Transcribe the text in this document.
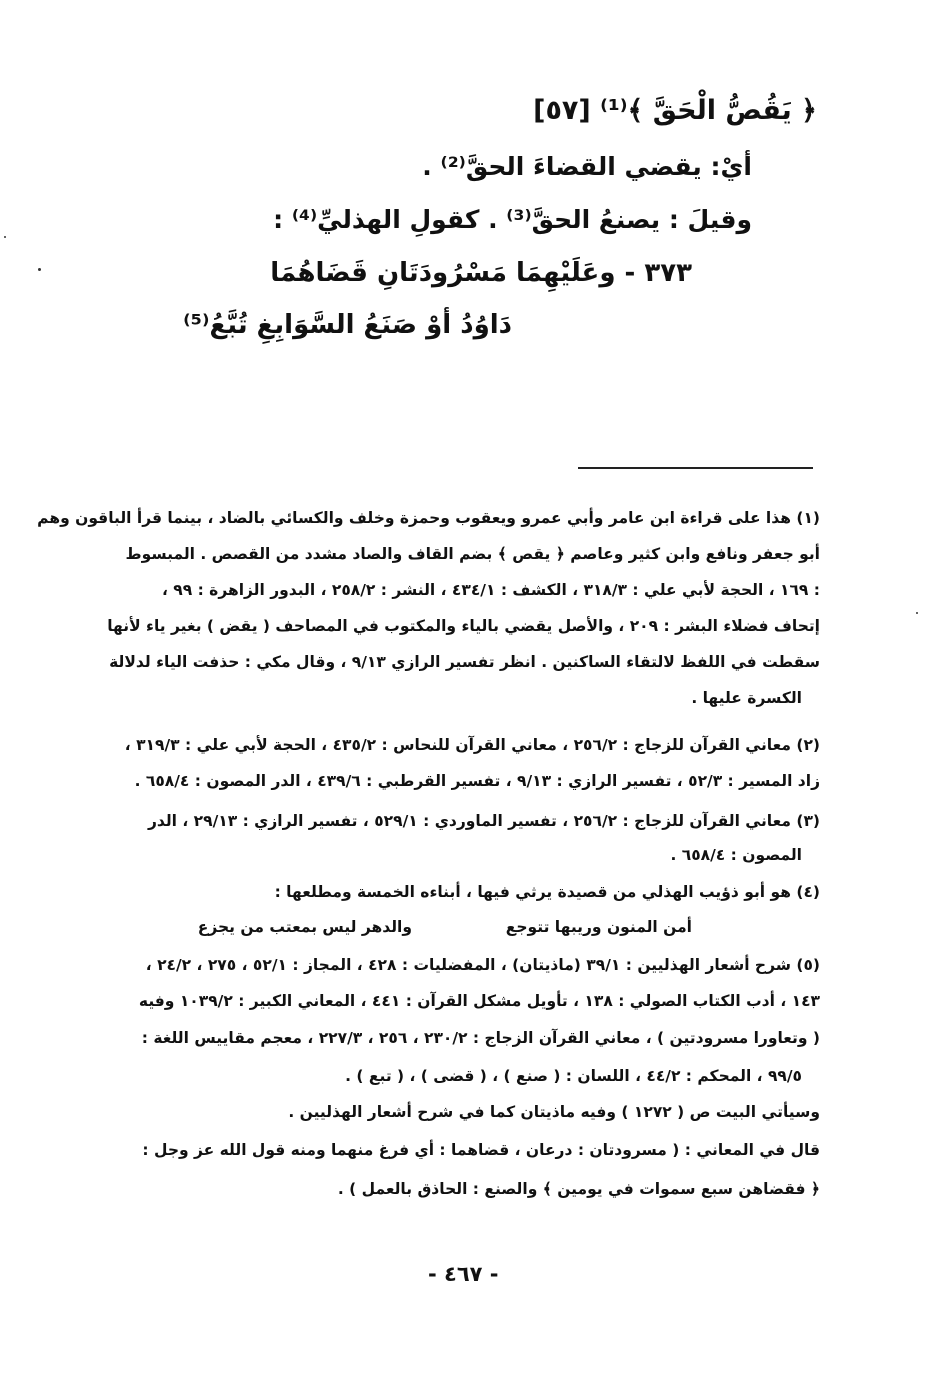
﴿ يَقُصُّ الْحَقَّ ﴾⁽¹⁾ [٥٧]
أيْ: يقضي القضاءَ الحقَّ⁽²⁾ .
وقيلَ : يصنعُ الحقَّ⁽³⁾ . كقولِ الهذليِّ⁽⁴⁾ :
٣٧٣ - وعَلَيْهِمَا مَسْرُودَتَانِ قَضَاهُمَا
دَاوُدُ أوْ صَنَعُ السَّوَابِغِ تُبَّعُ⁽⁵⁾
(١) هذا على قراءة ابن عامر وأبي عمرو ويعقوب وحمزة وخلف والكسائي بالضاد ، بينما قرأ الباقون وهم
أبو جعفر ونافع وابن كثير وعاصم ﴿ يقص ﴾ بضم القاف والصاد مشدد من القصص . المبسوط
: ١٦٩ ، الحجة لأبي علي : ٣١٨/٣ ، الكشف : ٤٣٤/١ ، النشر : ٢٥٨/٢ ، البدور الزاهرة : ٩٩ ،
إتحاف فضلاء البشر : ٢٠٩ ، والأصل يقضي بالياء والمكتوب في المصاحف ( يقض ) بغير ياء لأنها
سقطت في اللفظ لالتقاء الساكنين . انظر تفسير الرازي ٩/١٣ ، وقال مكي : حذفت الياء لدلالة
الكسرة عليها .
(٢) معاني القرآن للزجاج : ٢٥٦/٢ ، معاني القرآن للنحاس : ٤٣٥/٢ ، الحجة لأبي علي : ٣١٩/٣ ،
زاد المسير : ٥٢/٣ ، تفسير الرازي : ٩/١٣ ، تفسير القرطبي : ٤٣٩/٦ ، الدر المصون : ٦٥٨/٤ .
(٣) معاني القرآن للزجاج : ٢٥٦/٢ ، تفسير الماوردي : ٥٢٩/١ ، تفسير الرازي : ٢٩/١٣ ، الدر
المصون : ٦٥٨/٤ .
(٤) هو أبو ذؤيب الهذلي من قصيدة يرثي فيها ، أبناءه الخمسة ومطلعها :
أمن المنون وريبها تتوجع
والدهر ليس بمعتب من يجزع
(٥) شرح أشعار الهذليين : ٣٩/١ (ماذيتان) ، المفضليات : ٤٢٨ ، المجاز : ٥٢/١ ، ٢٧٥ ، ٢٤/٢ ،
١٤٣ ، أدب الكتاب الصولي : ١٣٨ ، تأويل مشكل القرآن : ٤٤١ ، المعاني الكبير : ١٠٣٩/٢ وفيه
( وتعاورا مسرودتين ) ، معاني القرآن الزجاج : ٢٣٠/٢ ، ٢٥٦ ، ٢٢٧/٣ ، معجم مقاييس اللغة :
٩٩/٥ ، المحكم : ٤٤/٢ ، اللسان : ( صنع ) ، ( قضى ) ، ( تبع ) .
وسيأتي البيت ص ( ١٢٧٢ ) وفيه ماذيتان كما في شرح أشعار الهذليين .
قال في المعاني : ( مسرودتان : درعان ، قضاهما : أي فرغ منهما ومنه قول الله عز وجل :
﴿ فقضاهن سبع سموات في يومين ﴾ والصنع : الحاذق بالعمل ) .
- ٤٦٧ -
